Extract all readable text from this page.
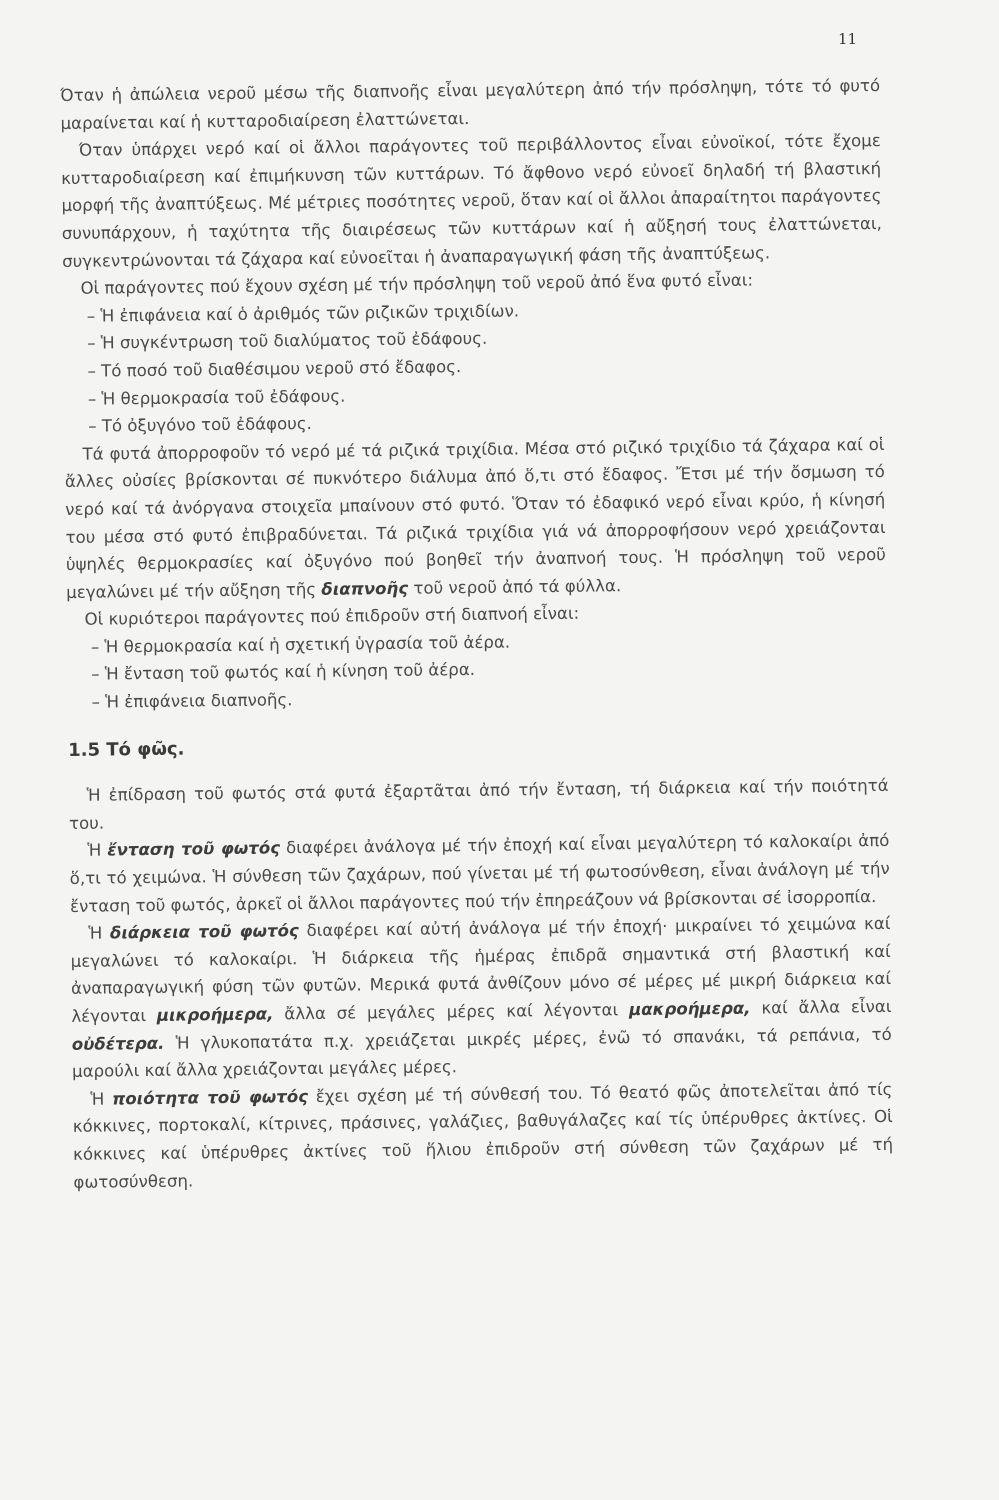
11

Όταν ἡ ἀπώλεια νεροῦ μέσω τῆς διαπνοῆς εἶναι μεγαλύτερη ἀπό τήν πρόσληψη, τότε τό φυτό μαραίνεται καί ἡ κυτταροδιαίρεση ἐλαττώνεται.

Όταν ὑπάρχει νερό καί οἱ ἄλλοι παράγοντες τοῦ περιβάλλοντος εἶναι εὐνοϊκοί, τότε ἔχομε κυτταροδιαίρεση καί ἐπιμήκυνση τῶν κυττάρων. Τό ἄφθονο νερό εὐνοεῖ δηλαδή τή βλαστική μορφή τῆς ἀναπτύξεως. Μέ μέτριες ποσότητες νεροῦ, ὅταν καί οἱ ἄλλοι ἀπαραίτητοι παράγοντες συνυπάρχουν, ἡ ταχύτητα τῆς διαιρέσεως τῶν κυττάρων καί ἡ αὔξησή τους ἐλαττώνεται, συγκεντρώνονται τά ζάχαρα καί εὐνοεῖται ἡ ἀναπαραγωγική φάση τῆς ἀναπτύξεως.

Οἱ παράγοντες πού ἔχουν σχέση μέ τήν πρόσληψη τοῦ νεροῦ ἀπό ἕνα φυτό εἶναι:

– Ἡ ἐπιφάνεια καί ὁ ἀριθμός τῶν ριζικῶν τριχιδίων.
– Ἡ συγκέντρωση τοῦ διαλύματος τοῦ ἐδάφους.
– Τό ποσό τοῦ διαθέσιμου νεροῦ στό ἔδαφος.
– Ἡ θερμοκρασία τοῦ ἐδάφους.
– Τό ὀξυγόνο τοῦ ἐδάφους.

Τά φυτά ἀπορροφοῦν τό νερό μέ τά ριζικά τριχίδια. Μέσα στό ριζικό τριχίδιο τά ζάχαρα καί οἱ ἄλλες οὐσίες βρίσκονται σέ πυκνότερο διάλυμα ἀπό ὅ,τι στό ἔδαφος. Ἔτσι μέ τήν ὄσμωση τό νερό καί τά ἀνόργανα στοιχεῖα μπαίνουν στό φυτό. Ὅταν τό ἐδαφικό νερό εἶναι κρύο, ἡ κίνησή του μέσα στό φυτό ἐπιβραδύνεται. Τά ριζικά τριχίδια γιά νά ἀπορροφήσουν νερό χρειάζονται ὑψηλές θερμοκρασίες καί ὀξυγόνο πού βοηθεῖ τήν ἀναπνοή τους. Ἡ πρόσληψη τοῦ νεροῦ μεγαλώνει μέ τήν αὔξηση τῆς διαπνοῆς τοῦ νεροῦ ἀπό τά φύλλα.

Οἱ κυριότεροι παράγοντες πού ἐπιδροῦν στή διαπνοή εἶναι:

– Ἡ θερμοκρασία καί ἡ σχετική ὑγρασία τοῦ ἀέρα.
– Ἡ ἔνταση τοῦ φωτός καί ἡ κίνηση τοῦ ἀέρα.
– Ἡ ἐπιφάνεια διαπνοῆς.
1.5 Τό φῶς.

Ἡ ἐπίδραση τοῦ φωτός στά φυτά ἐξαρτᾶται ἀπό τήν ἔνταση, τή διάρκεια καί τήν ποιότητά του.

Ἡ ἔνταση τοῦ φωτός διαφέρει ἀνάλογα μέ τήν ἐποχή καί εἶναι μεγαλύτερη τό καλοκαίρι ἀπό ὅ,τι τό χειμώνα. Ἡ σύνθεση τῶν ζαχάρων, πού γίνεται μέ τή φωτοσύνθεση, εἶναι ἀνάλογη μέ τήν ἔνταση τοῦ φωτός, ἀρκεῖ οἱ ἄλλοι παράγοντες πού τήν ἐπηρεάζουν νά βρίσκονται σέ ἰσορροπία.

Ἡ διάρκεια τοῦ φωτός διαφέρει καί αὐτή ἀνάλογα μέ τήν ἐποχή· μικραίνει τό χειμώνα καί μεγαλώνει τό καλοκαίρι. Ἡ διάρκεια τῆς ἡμέρας ἐπιδρᾶ σημαντικά στή βλαστική καί ἀναπαραγωγική φύση τῶν φυτῶν. Μερικά φυτά ἀνθίζουν μόνο σέ μέρες μέ μικρή διάρκεια καί λέγονται μικροήμερα, ἄλλα σέ μεγάλες μέρες καί λέγονται μακροήμερα, καί ἄλλα εἶναι οὐδέτερα. Ἡ γλυκοπατάτα π.χ. χρειάζεται μικρές μέρες, ἐνῶ τό σπανάκι, τά ρεπάνια, τό μαρούλι καί ἄλλα χρειάζονται μεγάλες μέρες.

Ἡ ποιότητα τοῦ φωτός ἔχει σχέση μέ τή σύνθεσή του. Τό θεατό φῶς ἀποτελεῖται ἀπό τίς κόκκινες, πορτοκαλί, κίτρινες, πράσινες, γαλάζιες, βαθυγάλαζες καί τίς ὑπέρυθρες ἀκτίνες. Οἱ κόκκινες καί ὑπέρυθρες ἀκτίνες τοῦ ἥλιου ἐπιδροῦν στή σύνθεση τῶν ζαχάρων μέ τή φωτοσύνθεση.
